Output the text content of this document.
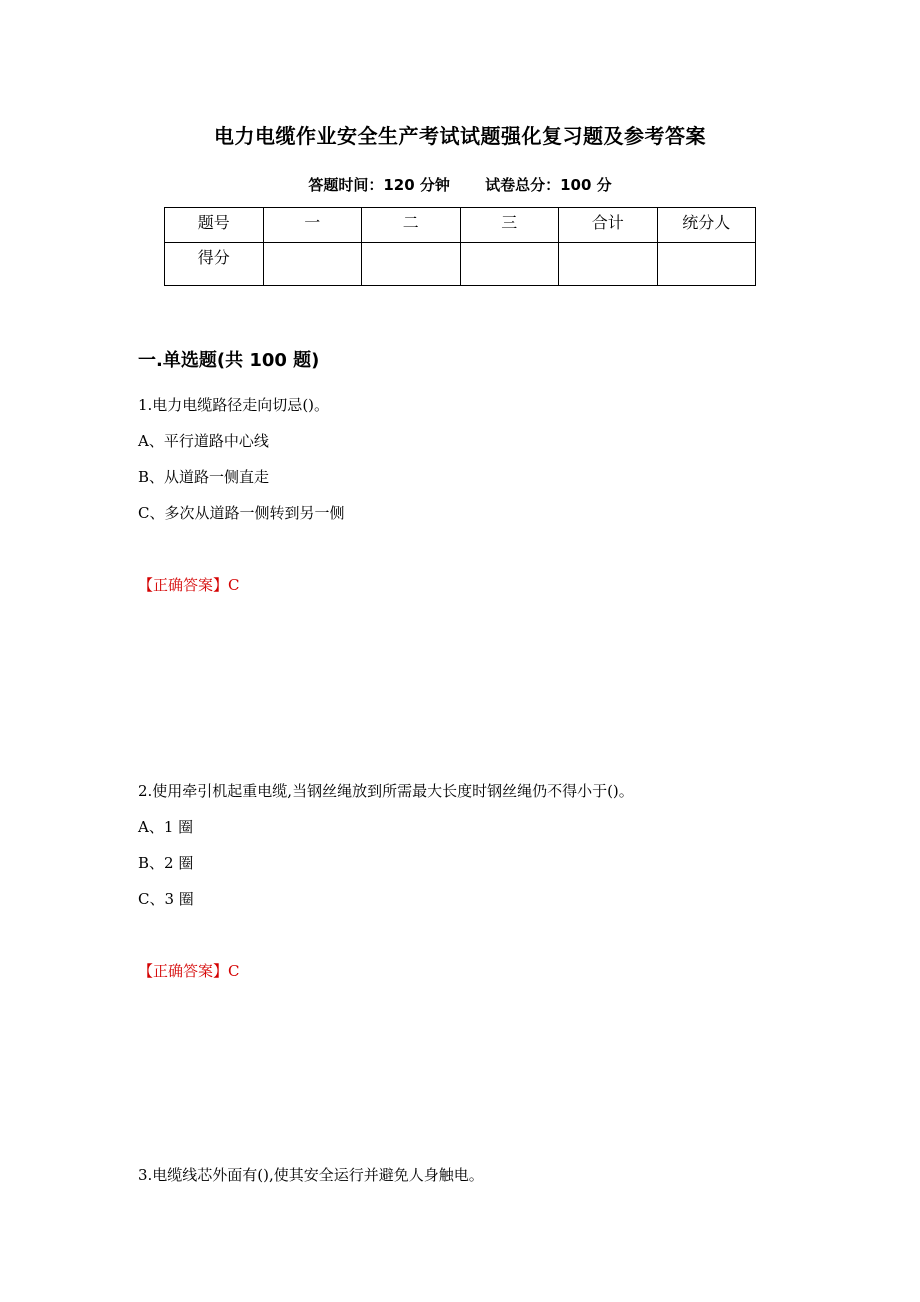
电力电缆作业安全生产考试试题强化复习题及参考答案
答题时间：120 分钟 试卷总分：100 分
题号	一	二	三	合计	统分人
得分					
一.单选题(共 100 题)
1.电力电缆路径走向切忌()。
A、平行道路中心线
B、从道路一侧直走
C、多次从道路一侧转到另一侧
【正确答案】C
2.使用牵引机起重电缆,当钢丝绳放到所需最大长度时钢丝绳仍不得小于()。
A、1 圈
B、2 圈
C、3 圈
【正确答案】C
3.电缆线芯外面有(),使其安全运行并避免人身触电。
